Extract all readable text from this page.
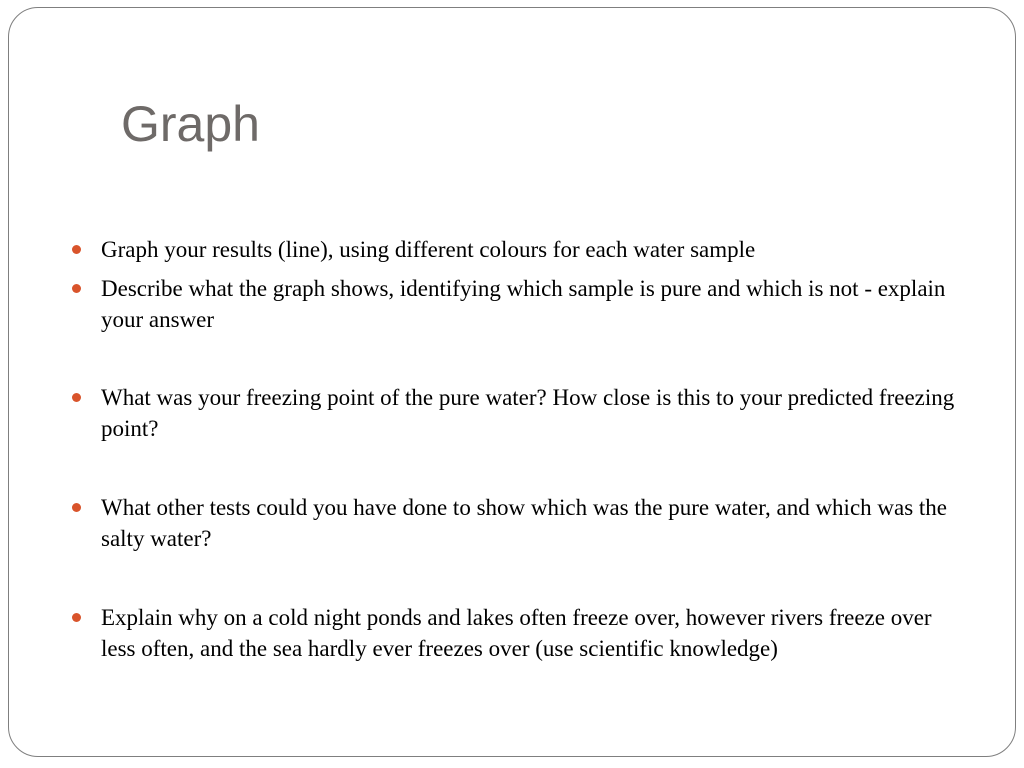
Graph
Graph your results (line), using different colours for each water sample
Describe what the graph shows, identifying which sample is pure and which is not - explain your answer
What was your freezing point of the pure water? How close is this to your predicted freezing point?
What other tests could you have done to show which was the pure water, and which was the salty water?
Explain why on a cold night ponds and lakes often freeze over, however rivers freeze over less often, and the sea hardly ever freezes over (use scientific knowledge)
